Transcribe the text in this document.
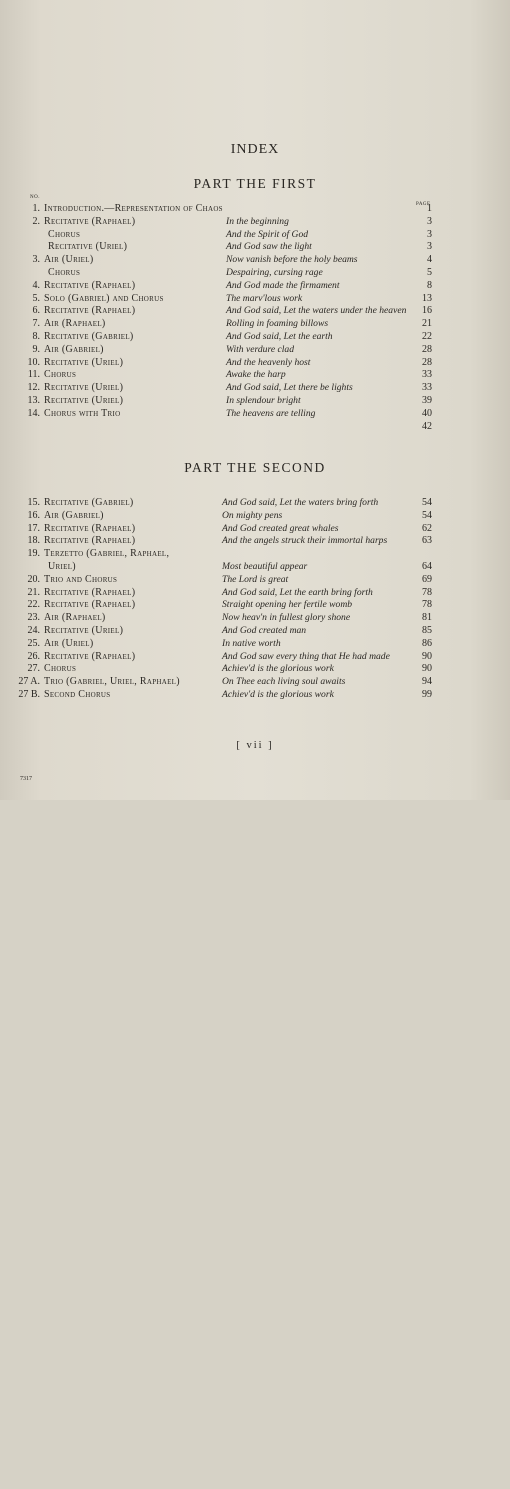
INDEX
PART THE FIRST
NO.
PAGE
1. Introduction.—Representation of Chaos	1
2. Recitative (Raphael)	In the beginning	3
Chorus	And the Spirit of God	3
Recitative (Uriel)	And God saw the light	3
3. Air (Uriel)	Now vanish before the holy beams	4
Chorus	Despairing, cursing rage	5
4. Recitative (Raphael)	And God made the firmament	8
5. Solo (Gabriel) and Chorus	The marv'lous work	13
6. Recitative (Raphael)	And God said, Let the waters under the heaven	16
7. Air (Raphael)	Rolling in foaming billows	21
8. Recitative (Gabriel)	And God said, Let the earth	22
9. Air (Gabriel)	With verdure clad	28
10. Recitative (Uriel)	And the heavenly host	28
11. Chorus	Awake the harp	33
12. Recitative (Uriel)	And God said, Let there be lights	33
13. Recitative (Uriel)	In splendour bright	39
14. Chorus with Trio	The heavens are telling	40
42
PART THE SECOND
15. Recitative (Gabriel)	And God said, Let the waters bring forth	54
16. Air (Gabriel)	On mighty pens	54
17. Recitative (Raphael)	And God created great whales	62
18. Recitative (Raphael)	And the angels struck their immortal harps	63
19. Terzetto (Gabriel, Raphael,
Uriel)	Most beautiful appear	64
20. Trio and Chorus	The Lord is great	69
21. Recitative (Raphael)	And God said, Let the earth bring forth	78
22. Recitative (Raphael)	Straight opening her fertile womb	78
23. Air (Raphael)	Now heav'n in fullest glory shone	81
24. Recitative (Uriel)	And God created man	85
25. Air (Uriel)	In native worth	86
26. Recitative (Raphael)	And God saw every thing that He had made	90
27. Chorus	Achiev'd is the glorious work	90
27 A. Trio (Gabriel, Uriel, Raphael)	On Thee each living soul awaits	94
27 B. Second Chorus	Achiev'd is the glorious work	99
[ vii ]
7317
